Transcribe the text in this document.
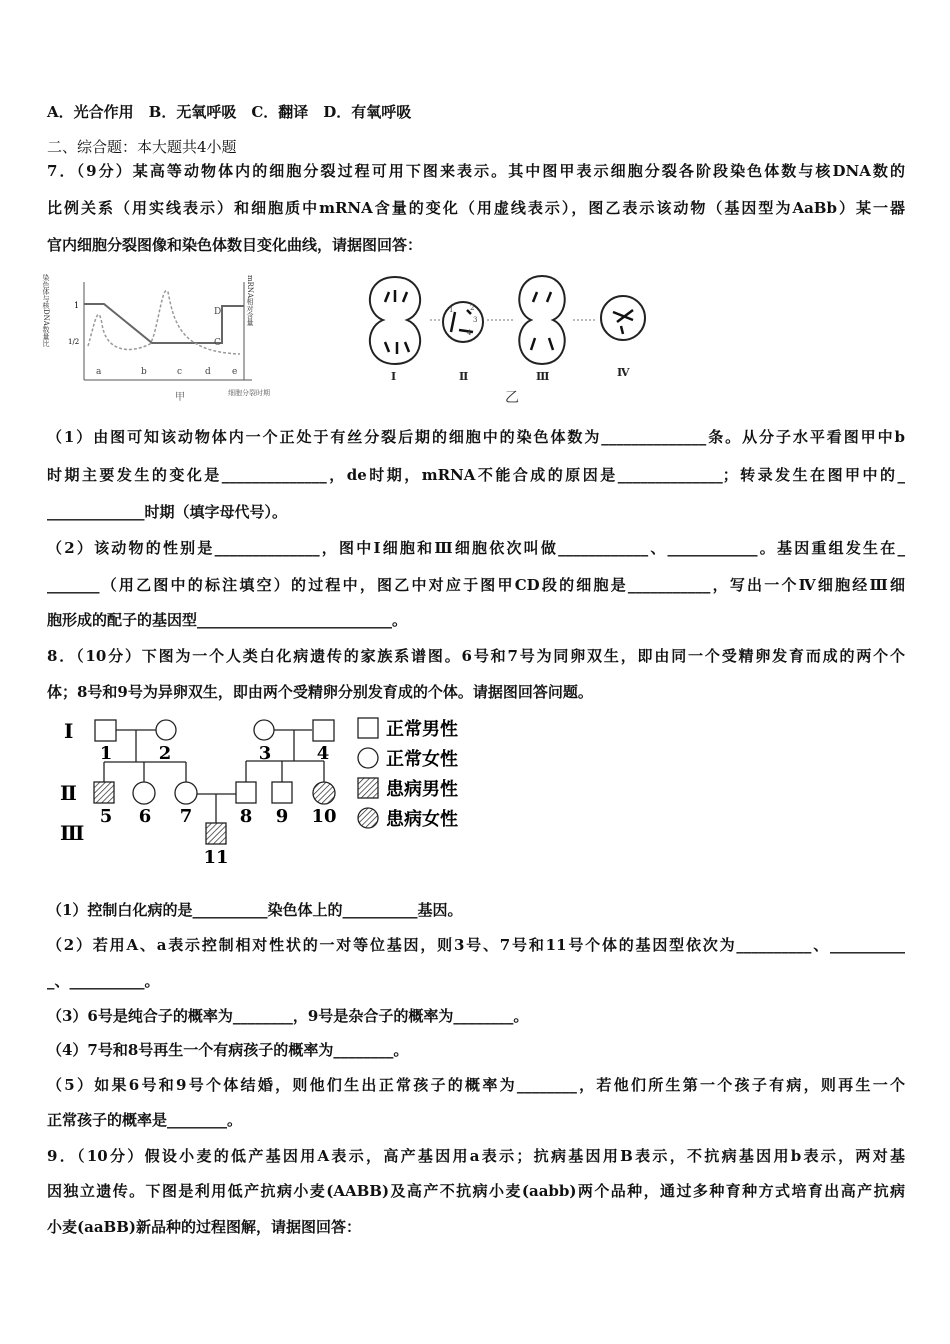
A．光合作用　B．无氧呼吸　C．翻译　D．有氧呼吸
二、综合题：本大题共4小题
7．（9分）某高等动物体内的细胞分裂过程可用下图来表示。其中图甲表示细胞分裂各阶段染色体数与核DNA数的
比例关系（用实线表示）和细胞质中mRNA含量的变化（用虚线表示），图乙表示该动物（基因型为AaBb）某一器
官内细胞分裂图像和染色体数目变化曲线，请据图回答：
染色体与核DNA数量比	mRNA相对含量
1
1/2
a	b	c	d e
D
C
甲	细胞分裂时期
1 2
3
4
Ⅰ	Ⅱ	Ⅲ	Ⅳ
乙
（1）由图可知该动物体内一个正处于有丝分裂后期的细胞中的染色体数为______________条。从分子水平看图甲中b
时期主要发生的变化是______________，de时期，mRNA不能合成的原因是______________；转录发生在图甲中的_
_____________时期（填字母代号）。
（2）该动物的性别是______________，图中Ⅰ细胞和Ⅲ细胞依次叫做____________、____________。基因重组发生在_
_______（用乙图中的标注填空）的过程中，图乙中对应于图甲CD段的细胞是___________，写出一个Ⅳ细胞经Ⅲ细
胞形成的配子的基因型__________________________。
8．（10分）下图为一个人类白化病遗传的家族系谱图。6号和7号为同卵双生，即由同一个受精卵发育而成的两个个
体；8号和9号为异卵双生，即由两个受精卵分别发育成的个体。请据图回答问题。
Ⅰ
Ⅱ
Ⅲ
1	2	3	4
5 6 7	8 9 10
11
正常男性
正常女性
患病男性
患病女性
（1）控制白化病的是__________染色体上的__________基因。
（2）若用A、a表示控制相对性状的一对等位基因，则3号、7号和11号个体的基因型依次为__________、__________
_、__________。
（3）6号是纯合子的概率为________，9号是杂合子的概率为________。
（4）7号和8号再生一个有病孩子的概率为________。
（5）如果6号和9号个体结婚，则他们生出正常孩子的概率为________，若他们所生第一个孩子有病，则再生一个
正常孩子的概率是________。
9．（10分）假设小麦的低产基因用A表示，高产基因用a表示；抗病基因用B表示，不抗病基因用b表示，两对基
因独立遗传。下图是利用低产抗病小麦(AABB)及高产不抗病小麦(aabb)两个品种，通过多种育种方式培育出高产抗病
小麦(aaBB)新品种的过程图解，请据图回答：
